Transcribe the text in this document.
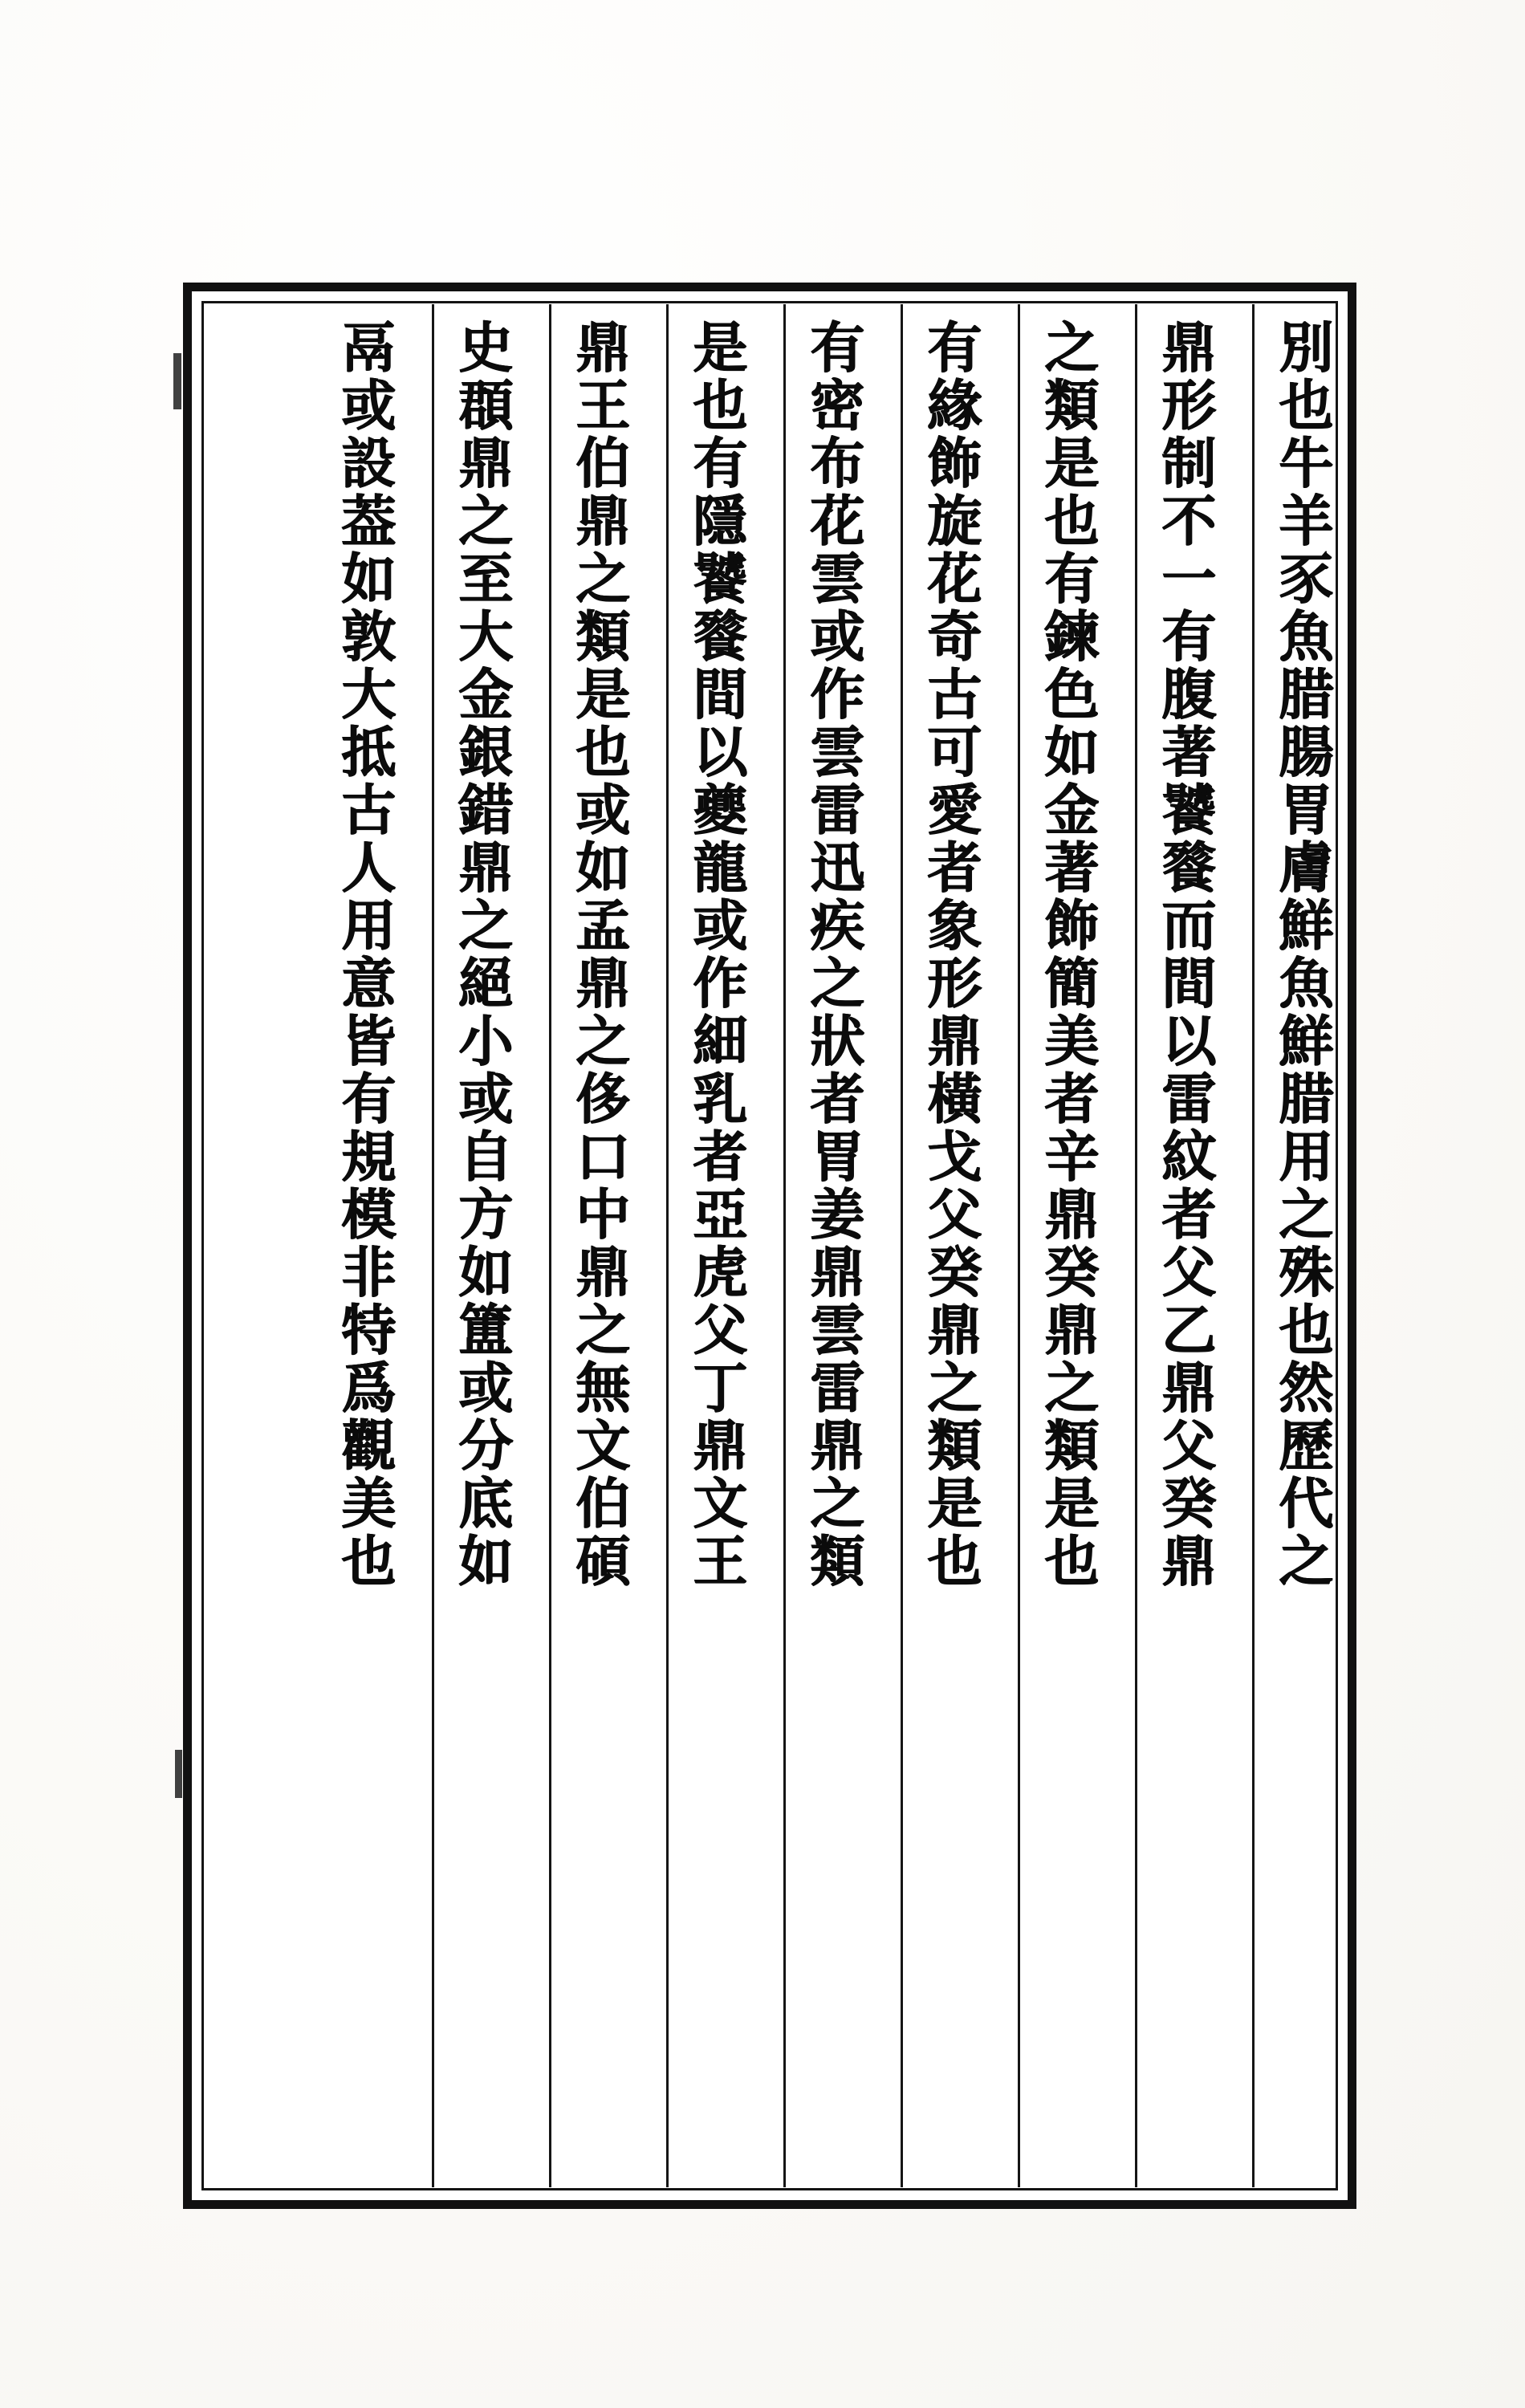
別也牛羊豕魚腊腸胃膚鮮魚鮮腊用之殊也然歷代之
鼎形制不一有腹著饕餮而間以雷紋者父乙鼎父癸鼎
之類是也有鍊色如金著飾簡美者辛鼎癸鼎之類是也
有緣飾旋花奇古可愛者象形鼎橫戈父癸鼎之類是也
有密布花雲或作雲雷迅疾之狀者胃姜鼎雲雷鼎之類
是也有隱饕餮間以夔龍或作細乳者亞虎父丁鼎文王
鼎王伯鼎之類是也或如孟鼎之侈口中鼎之無文伯碩
史頵鼎之至大金銀錯鼎之絕小或自方如簠或分底如
鬲或設葢如敦大抵古人用意皆有規模非特爲觀美也
